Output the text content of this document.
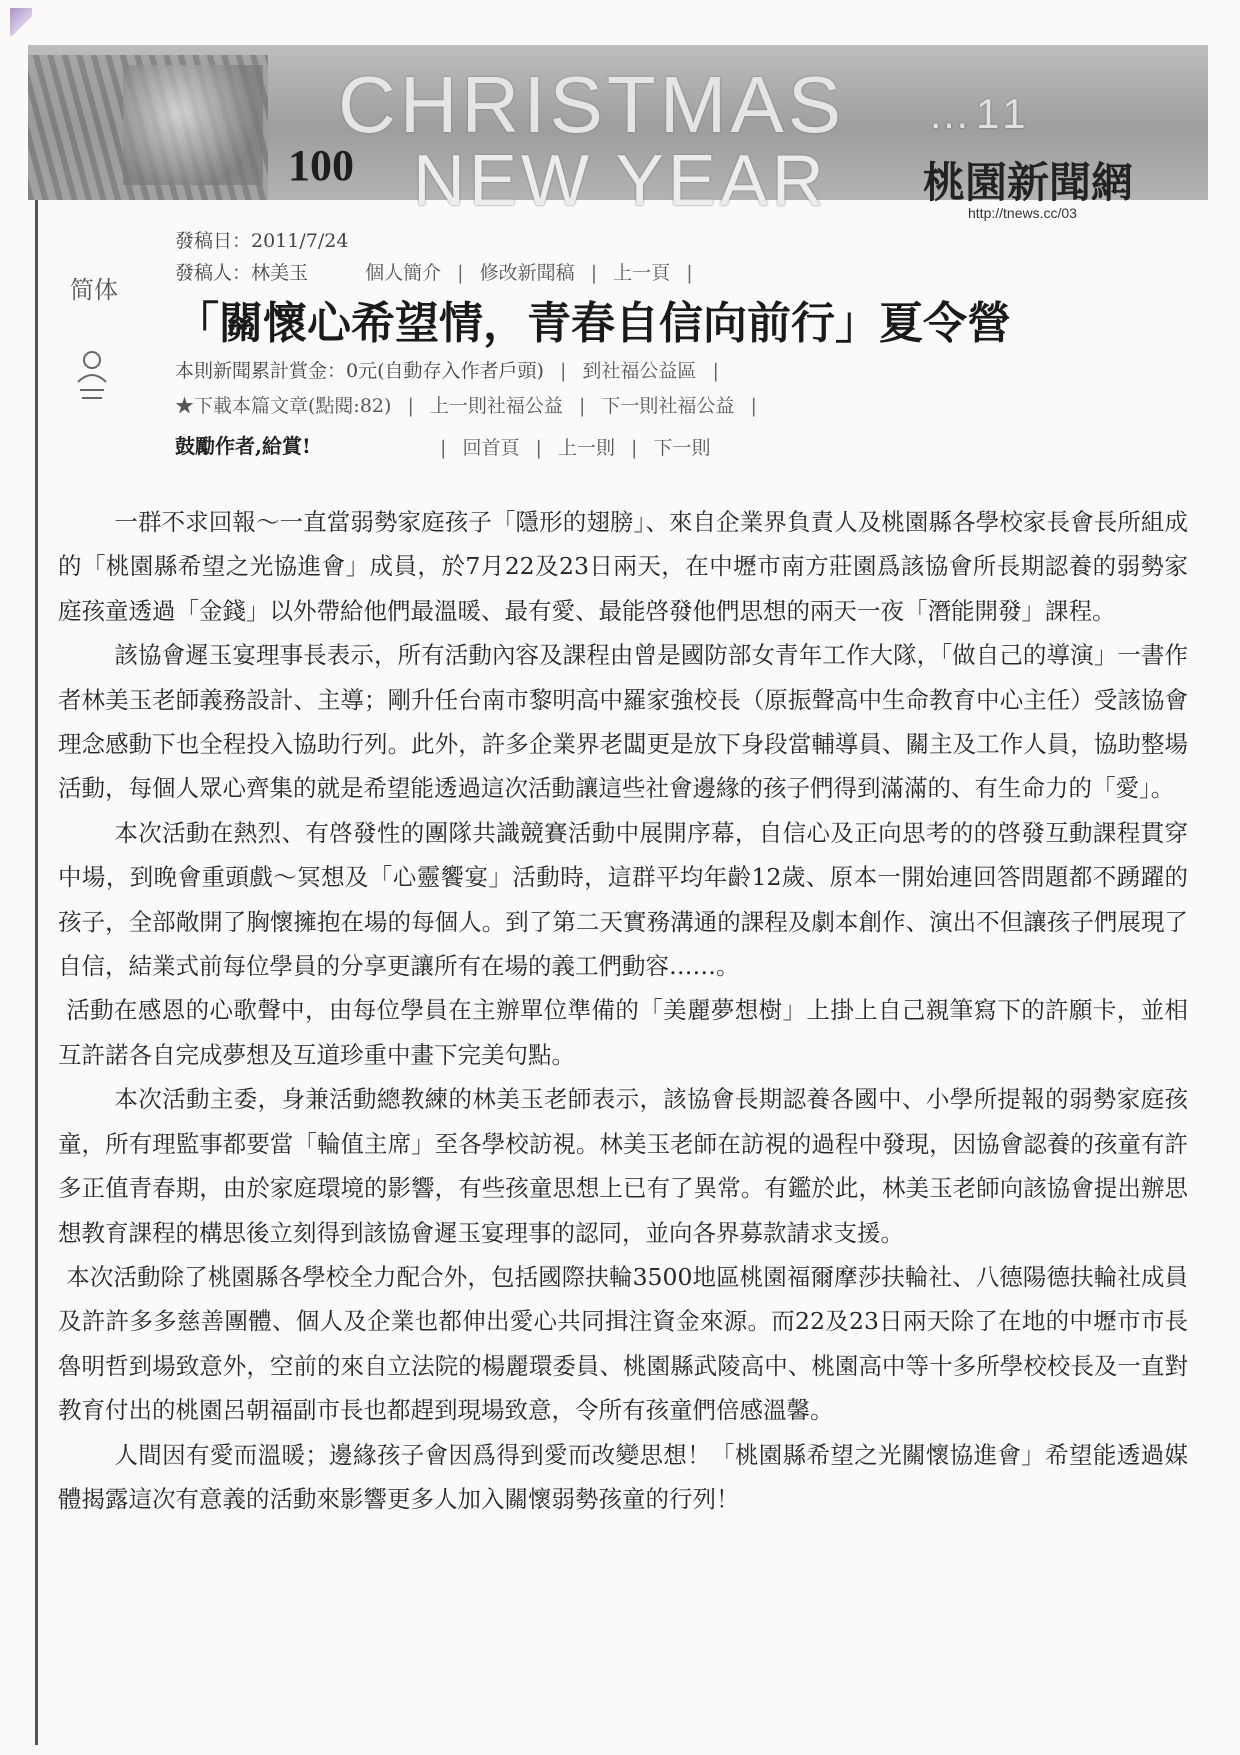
CHRISTMAS
NEW YEAR
100
…11
桃園新聞網
http://tnews.cc/03
發稿日：2011/7/24
發稿人：林美玉	個人簡介 | 修改新聞稿 | 上一頁 |
简体
「關懷心希望情，青春自信向前行」夏令營
本則新聞累計賞金：0元(自動存入作者戶頭) | 到社福公益區 |
★下載本篇文章(點閱:82) | 上一則社福公益 | 下一則社福公益 |
鼓勵作者,給賞!	| 回首頁 | 上一則 | 下一則

一群不求回報～一直當弱勢家庭孩子「隱形的翅膀」、來自企業界負責人及桃園縣各學校家長會長所組成的「桃園縣希望之光協進會」成員，於7月22及23日兩天，在中壢市南方莊園爲該協會所長期認養的弱勢家庭孩童透過「金錢」以外帶給他們最溫暖、最有愛、最能啓發他們思想的兩天一夜「潛能開發」課程。

該協會遲玉宴理事長表示，所有活動內容及課程由曾是國防部女青年工作大隊，「做自己的導演」一書作者林美玉老師義務設計、主導；剛升任台南市黎明高中羅家強校長（原振聲高中生命教育中心主任）受該協會理念感動下也全程投入協助行列。此外，許多企業界老闆更是放下身段當輔導員、關主及工作人員，協助整場活動，每個人眾心齊集的就是希望能透過這次活動讓這些社會邊緣的孩子們得到滿滿的、有生命力的「愛」。

本次活動在熱烈、有啓發性的團隊共識競賽活動中展開序幕，自信心及正向思考的的啓發互動課程貫穿中場，到晚會重頭戲～冥想及「心靈饗宴」活動時，這群平均年齡12歲、原本一開始連回答問題都不踴躍的孩子，全部敞開了胸懷擁抱在場的每個人。到了第二天實務溝通的課程及劇本創作、演出不但讓孩子們展現了自信，結業式前每位學員的分享更讓所有在場的義工們動容……。

活動在感恩的心歌聲中，由每位學員在主辦單位準備的「美麗夢想樹」上掛上自己親筆寫下的許願卡，並相互許諾各自完成夢想及互道珍重中畫下完美句點。

本次活動主委，身兼活動總教練的林美玉老師表示，該協會長期認養各國中、小學所提報的弱勢家庭孩童，所有理監事都要當「輪值主席」至各學校訪視。林美玉老師在訪視的過程中發現，因協會認養的孩童有許多正值青春期，由於家庭環境的影響，有些孩童思想上已有了異常。有鑑於此，林美玉老師向該協會提出辦思想教育課程的構思後立刻得到該協會遲玉宴理事的認同，並向各界募款請求支援。

本次活動除了桃園縣各學校全力配合外，包括國際扶輪3500地區桃園福爾摩莎扶輪社、八德陽德扶輪社成員及許許多多慈善團體、個人及企業也都伸出愛心共同揖注資金來源。而22及23日兩天除了在地的中壢市市長魯明哲到場致意外，空前的來自立法院的楊麗環委員、桃園縣武陵高中、桃園高中等十多所學校校長及一直對教育付出的桃園呂朝福副市長也都趕到現場致意，令所有孩童們倍感溫馨。

人間因有愛而溫暖；邊緣孩子會因爲得到愛而改變思想！「桃園縣希望之光關懷協進會」希望能透過媒體揭露這次有意義的活動來影響更多人加入關懷弱勢孩童的行列！
